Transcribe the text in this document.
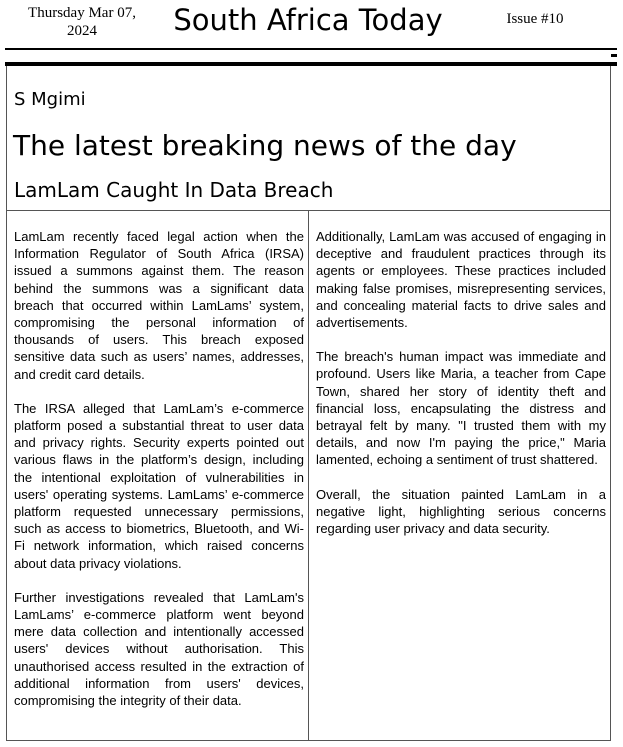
Thursday Mar 07,
2024	South Africa Today	Issue #10
S Mgimi
The latest breaking news of the day
LamLam Caught In Data Breach

LamLam recently faced legal action when the Information Regulator of South Africa (IRSA) issued a summons against them. The reason behind the summons was a significant data breach that occurred within LamLams’ system, compromising the personal information of thousands of users. This breach exposed sensitive data such as users’ names, addresses, and credit card details.

The IRSA alleged that LamLam’s e-commerce platform posed a substantial threat to user data and privacy rights. Security experts pointed out various flaws in the platform’s design, including the intentional exploitation of vulnerabilities in users' operating systems. LamLams’ e-commerce platform requested unnecessary permissions, such as access to biometrics, Bluetooth, and Wi-Fi network information, which raised concerns about data privacy violations.

Further investigations revealed that LamLam's LamLams’ e-commerce platform went beyond mere data collection and intentionally accessed users' devices without authorisation. This unauthorised access resulted in the extraction of additional information from users' devices, compromising the integrity of their data.

Additionally, LamLam was accused of engaging in deceptive and fraudulent practices through its agents or employees. These practices included making false promises, misrepresenting services, and concealing material facts to drive sales and advertisements.

The breach's human impact was immediate and profound. Users like Maria, a teacher from Cape Town, shared her story of identity theft and financial loss, encapsulating the distress and betrayal felt by many. "I trusted them with my details, and now I'm paying the price," Maria lamented, echoing a sentiment of trust shattered.

Overall, the situation painted LamLam in a negative light, highlighting serious concerns regarding user privacy and data security.
